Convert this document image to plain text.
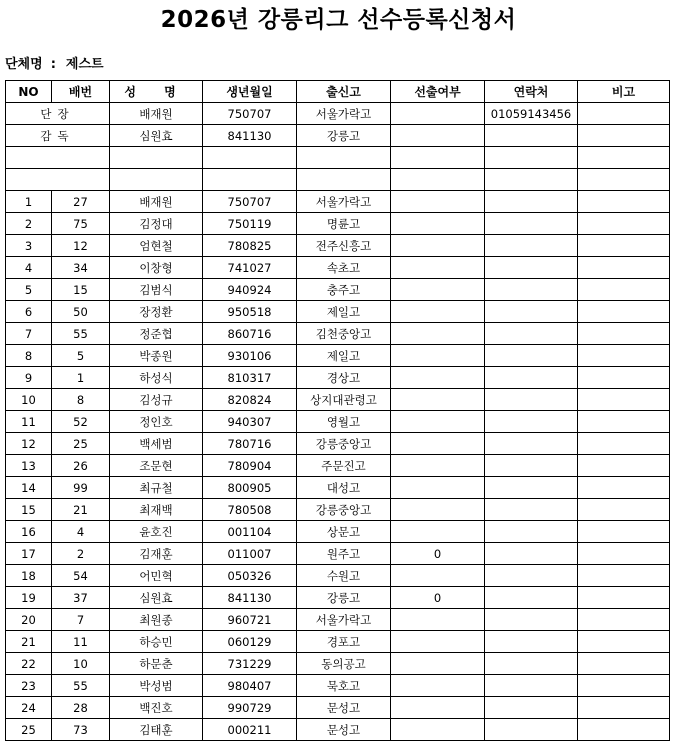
2026년 강릉리그 선수등록신청서
단체명 : 제스트
NO	배번	성 명	생년월일	출신고	선출여부	연락처	비고
단장		배재원	750707	서울가락고		01059143456	
감독		심원효	841130	강릉고			

1	27	배재원	750707	서울가락고			
2	75	김정대	750119	명륜고			
3	12	엄현철	780825	전주신흥고			
4	34	이창형	741027	속초고			
5	15	김범식	940924	충주고			
6	50	장정환	950518	제일고			
7	55	정준협	860716	김천중앙고			
8	5	박종원	930106	제일고			
9	1	하성식	810317	경상고			
10	8	김성규	820824	상지대관령고			
11	52	정인호	940307	영월고			
12	25	백세범	780716	강릉중앙고			
13	26	조문현	780904	주문진고			
14	99	최규철	800905	대성고			
15	21	최재백	780508	강릉중앙고			
16	4	윤호진	001104	상문고			
17	2	김재훈	011007	원주고	0		
18	54	어민혁	050326	수원고			
19	37	심원효	841130	강릉고	0		
20	7	최원종	960721	서울가락고			
21	11	하승민	060129	경포고			
22	10	하문춘	731229	동의공고			
23	55	박성범	980407	묵호고			
24	28	백진호	990729	문성고			
25	73	김태훈	000211	문성고			
